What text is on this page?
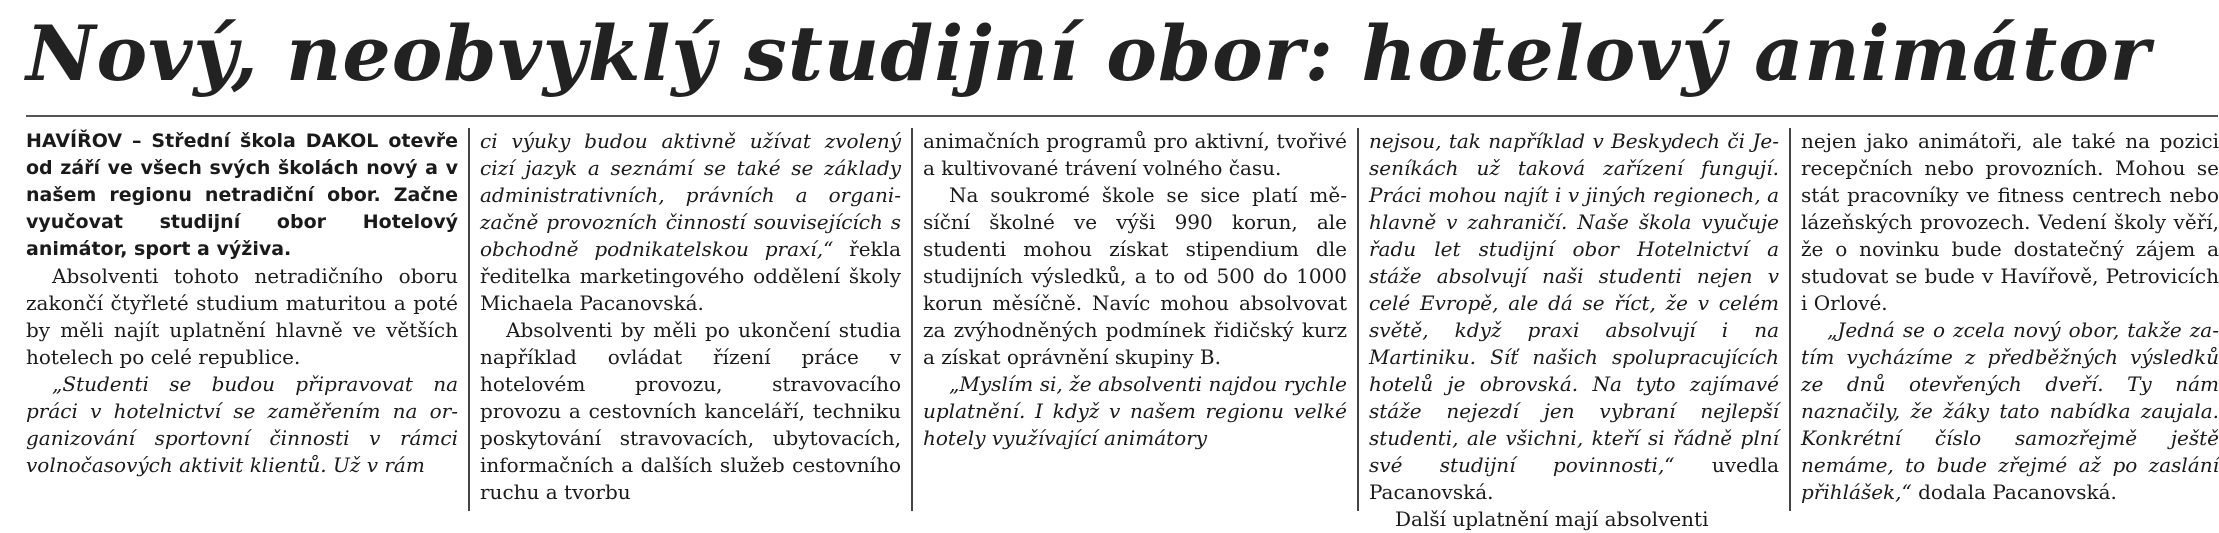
Nový, neobvyklý studijní obor: hotelový animátor

HAVÍŘOV – Střední škola DAKOL otevře od září ve všech svých školách nový a v našem regionu netradiční obor. Začne vyučovat studijní obor Hotelový animátor, sport a výživa.

Absolventi tohoto netradičního oboru zakončí čtyřleté studium maturitou a poté by měli najít uplatnění hlavně ve větších hotelech po celé republice.

„Studenti se budou připravovat na práci v hotelnictví se zaměřením na organizování sportovní činnosti v rámci volnočasových aktivit klientů. Už v rám

ci výuky budou aktivně užívat zvolený cizí jazyk a seznámí se také se základy administrativních, právních a organizačně provozních činností souvisejících s obchodně podnikatelskou praxí,“ řekla ředitelka marketingového oddělení školy Michaela Pacanovská.

Absolventi by měli po ukončení studia například ovládat řízení práce v hotelovém provozu, stravovacího provozu a cestovních kanceláří, techniku poskytování stravovacích, ubytovacích, informačních a dalších služeb cestovního ruchu a tvorbu

animačních programů pro aktivní, tvořivé a kultivované trávení volného času.

Na soukromé škole se sice platí měsíční školné ve výši 990 korun, ale studenti mohou získat stipendium dle studijních výsledků, a to od 500 do 1000 korun měsíčně. Navíc mohou absolvovat za zvýhodněných podmínek řidičský kurz a získat oprávnění skupiny B.

„Myslím si, že absolventi najdou rychle uplatnění. I když v našem regionu velké hotely využívající animátory

nejsou, tak například v Beskydech či Jeseníkách už taková zařízení fungují. Práci mohou najít i v jiných regionech, a hlavně v zahraničí. Naše škola vyučuje řadu let studijní obor Hotelnictví a stáže absolvují naši studenti nejen v celé Evropě, ale dá se říct, že v celém světě, když praxi absolvují i na Martiniku. Síť našich spolupracujících hotelů je obrovská. Na tyto zajímavé stáže nejezdí jen vybraní nejlepší studenti, ale všichni, kteří si řádně plní své studijní povinnosti,“ uvedla Pacanovská.

Další uplatnění mají absolventi

nejen jako animátoři, ale také na pozici recepčních nebo provozních. Mohou se stát pracovníky ve fitness centrech nebo lázeňských provozech. Vedení školy věří, že o novinku bude dostatečný zájem a studovat se bude v Havířově, Petrovicích i Orlové.

„Jedná se o zcela nový obor, takže zatím vycházíme z předběžných výsledků ze dnů otevřených dveří. Ty nám naznačily, že žáky tato nabídka zaujala. Konkrétní číslo samozřejmě ještě nemáme, to bude zřejmé až po zaslání přihlášek,“ dodala Pacanovská.
